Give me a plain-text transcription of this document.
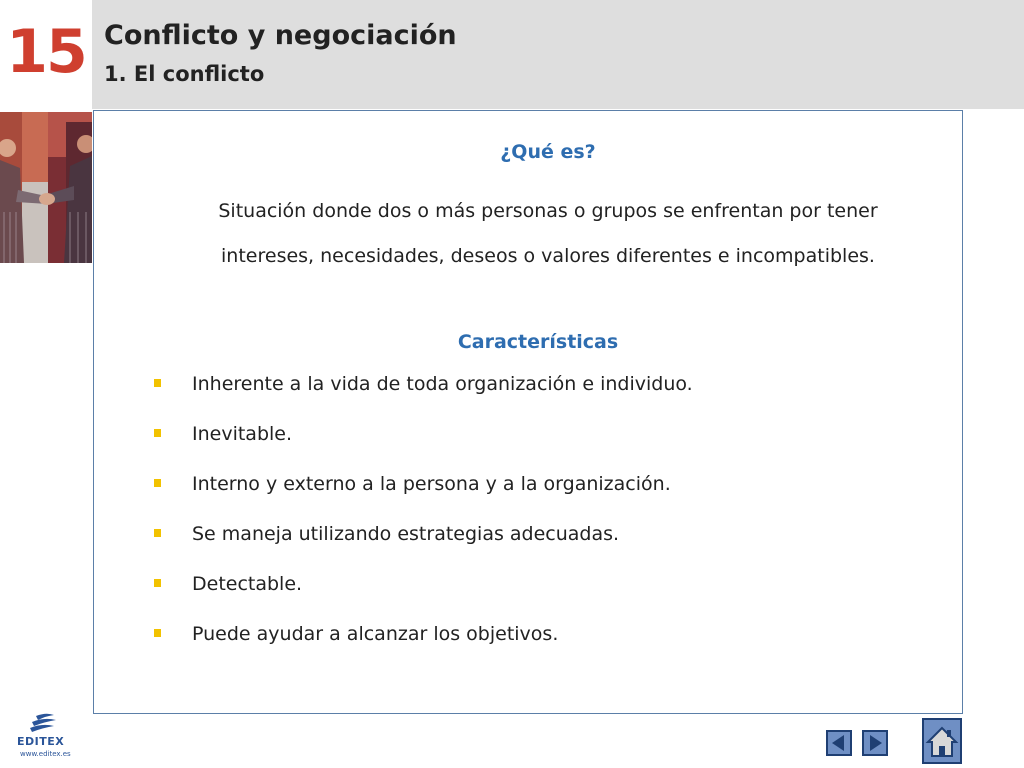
15 Conflicto y negociación
1. El conflicto
¿Qué es?
Situación donde dos o más personas o grupos se enfrentan por tener
intereses, necesidades, deseos o valores diferentes e incompatibles.
Características
Inherente a la vida de toda organización e individuo.
Inevitable.
Interno y externo a la persona y a la organización.
Se maneja utilizando estrategias adecuadas.
Detectable.
Puede ayudar a alcanzar los objetivos.
EDITEX
www.editex.es
